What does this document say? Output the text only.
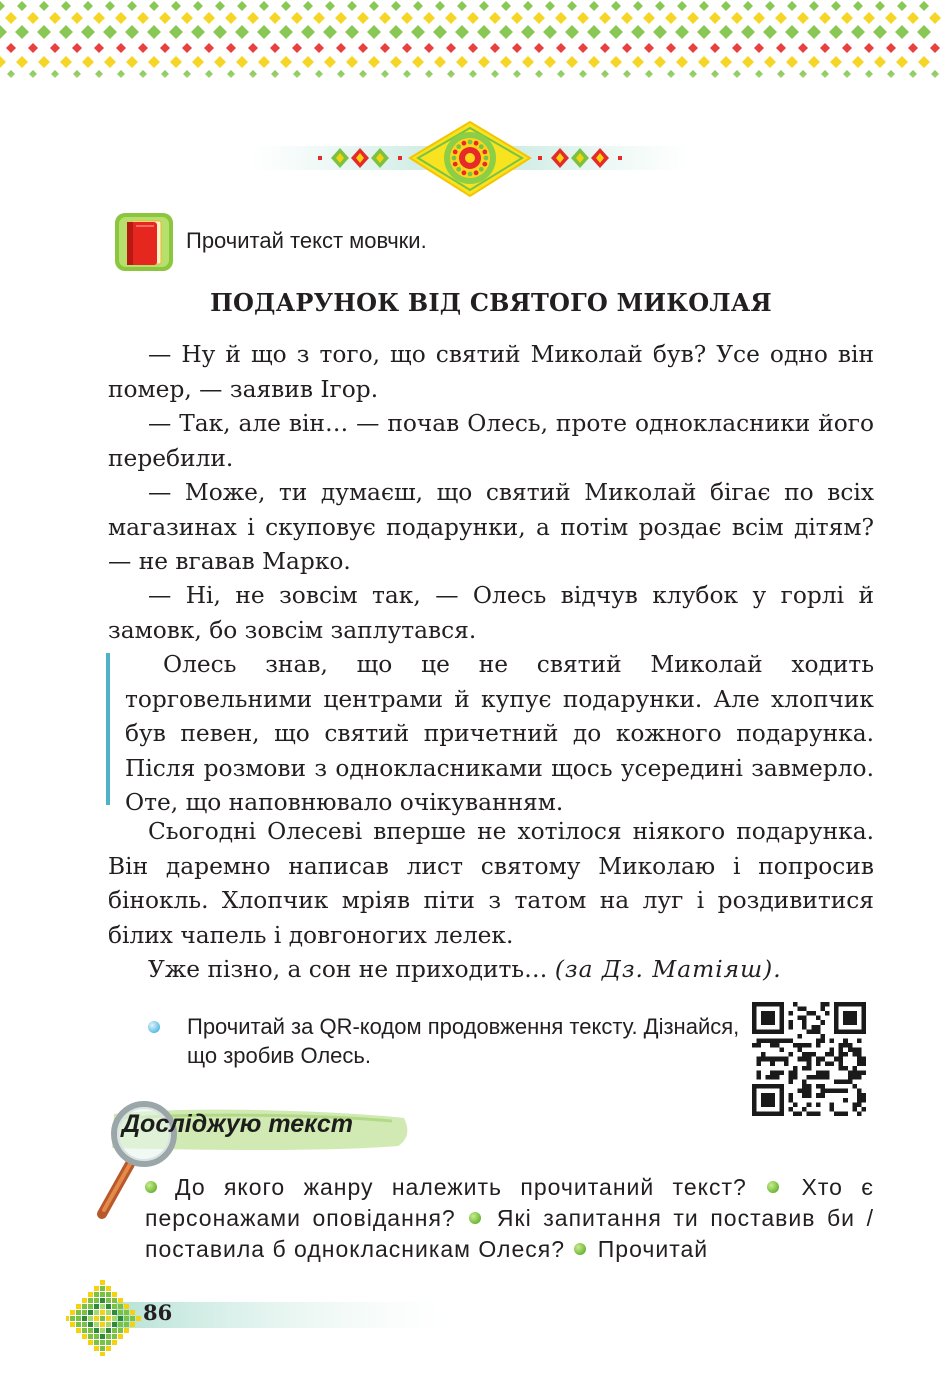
Прочитай текст мовчки.
ПОДАРУНОК ВІД СВЯТОГО МИКОЛАЯ

— Ну й що з того, що святий Миколай був? Усе одно він помер, — заявив Ігор.

— Так, але він… — почав Олесь, проте однокласники його перебили.

— Може, ти думаєш, що святий Миколай бігає по всіх магазинах і скуповує подарунки, а потім роздає всім дітям? — не вгавав Марко.

— Ні, не зовсім так, — Олесь відчув клубок у горлі й замовк, бо зовсім заплутався.

Олесь знав, що це не святий Миколай ходить торговельними центрами й купує подарунки. Але хлопчик був певен, що святий причетний до кожного подарунка. Після розмови з однокласниками щось усередині завмерло. Оте, що наповнювало очікуванням.

Сьогодні Олесеві вперше не хотілося ніякого подарунка. Він даремно написав лист святому Миколаю і попросив бінокль. Хлопчик мріяв піти з татом на луг і роздивитися білих чапель і довгоногих лелек.

Уже пізно, а сон не приходить… (за Дз. Матіяш).

Прочитай за QR-кодом продовження тексту. Дізнайся, що зробив Олесь.

Досліджую текст

До якого жанру належить прочитаний текст? Хто є персонажами оповідання? Які запитання ти поставив би / поставила б однокласникам Олеся? Прочитай

86
